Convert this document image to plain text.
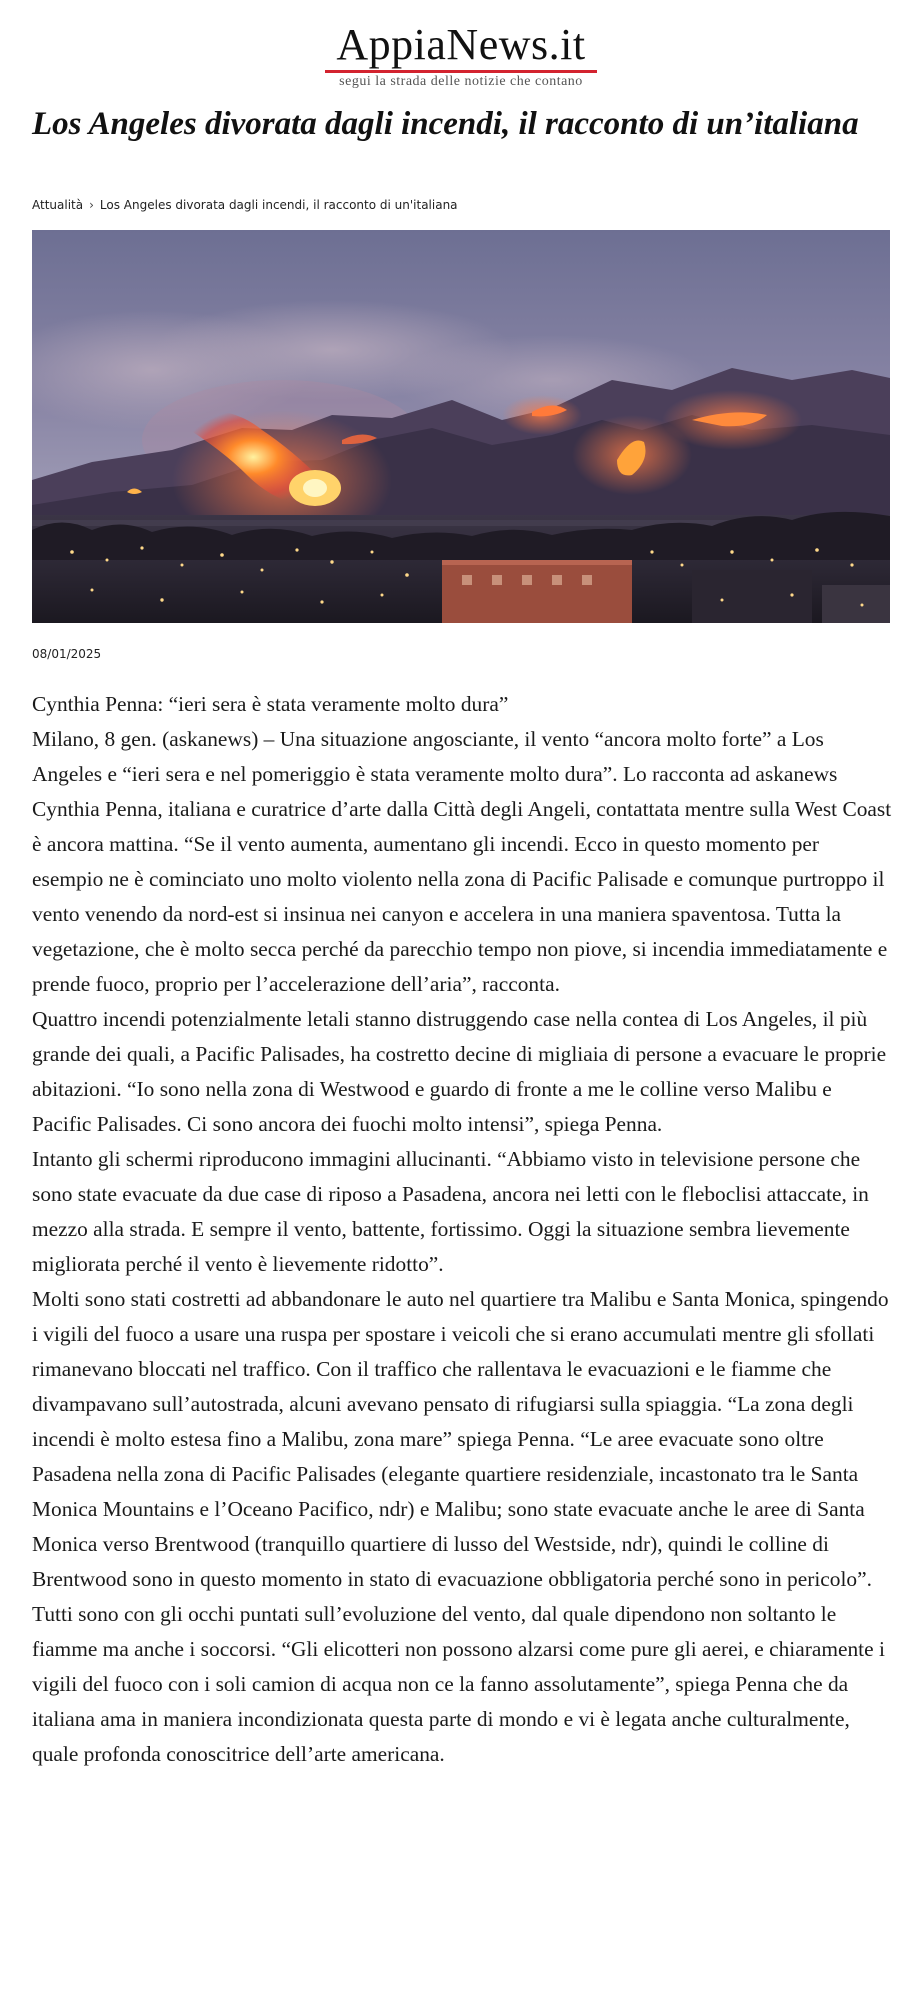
AppiaNews.it
segui la strada delle notizie che contano
Los Angeles divorata dagli incendi, il racconto di un’italiana
Attualità › Los Angeles divorata dagli incendi, il racconto di un'italiana
08/01/2025

Cynthia Penna: “ieri sera è stata veramente molto dura”

Milano, 8 gen. (askanews) – Una situazione angosciante, il vento “ancora molto forte” a Los Angeles e “ieri sera e nel pomeriggio è stata veramente molto dura”. Lo racconta ad askanews Cynthia Penna, italiana e curatrice d’arte dalla Città degli Angeli, contattata mentre sulla West Coast è ancora mattina. “Se il vento aumenta, aumentano gli incendi. Ecco in questo momento per esempio ne è cominciato uno molto violento nella zona di Pacific Palisade e comunque purtroppo il vento venendo da nord-est si insinua nei canyon e accelera in una maniera spaventosa. Tutta la vegetazione, che è molto secca perché da parecchio tempo non piove, si incendia immediatamente e prende fuoco, proprio per l’accelerazione dell’aria”, racconta.

Quattro incendi potenzialmente letali stanno distruggendo case nella contea di Los Angeles, il più grande dei quali, a Pacific Palisades, ha costretto decine di migliaia di persone a evacuare le proprie abitazioni. “Io sono nella zona di Westwood e guardo di fronte a me le colline verso Malibu e Pacific Palisades. Ci sono ancora dei fuochi molto intensi”, spiega Penna.

Intanto gli schermi riproducono immagini allucinanti. “Abbiamo visto in televisione persone che sono state evacuate da due case di riposo a Pasadena, ancora nei letti con le fleboclisi attaccate, in mezzo alla strada. E sempre il vento, battente, fortissimo. Oggi la situazione sembra lievemente migliorata perché il vento è lievemente ridotto”.

Molti sono stati costretti ad abbandonare le auto nel quartiere tra Malibu e Santa Monica, spingendo i vigili del fuoco a usare una ruspa per spostare i veicoli che si erano accumulati mentre gli sfollati rimanevano bloccati nel traffico. Con il traffico che rallentava le evacuazioni e le fiamme che divampavano sull’autostrada, alcuni avevano pensato di rifugiarsi sulla spiaggia. “La zona degli incendi è molto estesa fino a Malibu, zona mare” spiega Penna. “Le aree evacuate sono oltre Pasadena nella zona di Pacific Palisades (elegante quartiere residenziale, incastonato tra le Santa Monica Mountains e l’Oceano Pacifico, ndr) e Malibu; sono state evacuate anche le aree di Santa Monica verso Brentwood (tranquillo quartiere di lusso del Westside, ndr), quindi le colline di Brentwood sono in questo momento in stato di evacuazione obbligatoria perché sono in pericolo”.

Tutti sono con gli occhi puntati sull’evoluzione del vento, dal quale dipendono non soltanto le fiamme ma anche i soccorsi. “Gli elicotteri non possono alzarsi come pure gli aerei, e chiaramente i vigili del fuoco con i soli camion di acqua non ce la fanno assolutamente”, spiega Penna che da italiana ama in maniera incondizionata questa parte di mondo e vi è legata anche culturalmente, quale profonda conoscitrice dell’arte americana.
